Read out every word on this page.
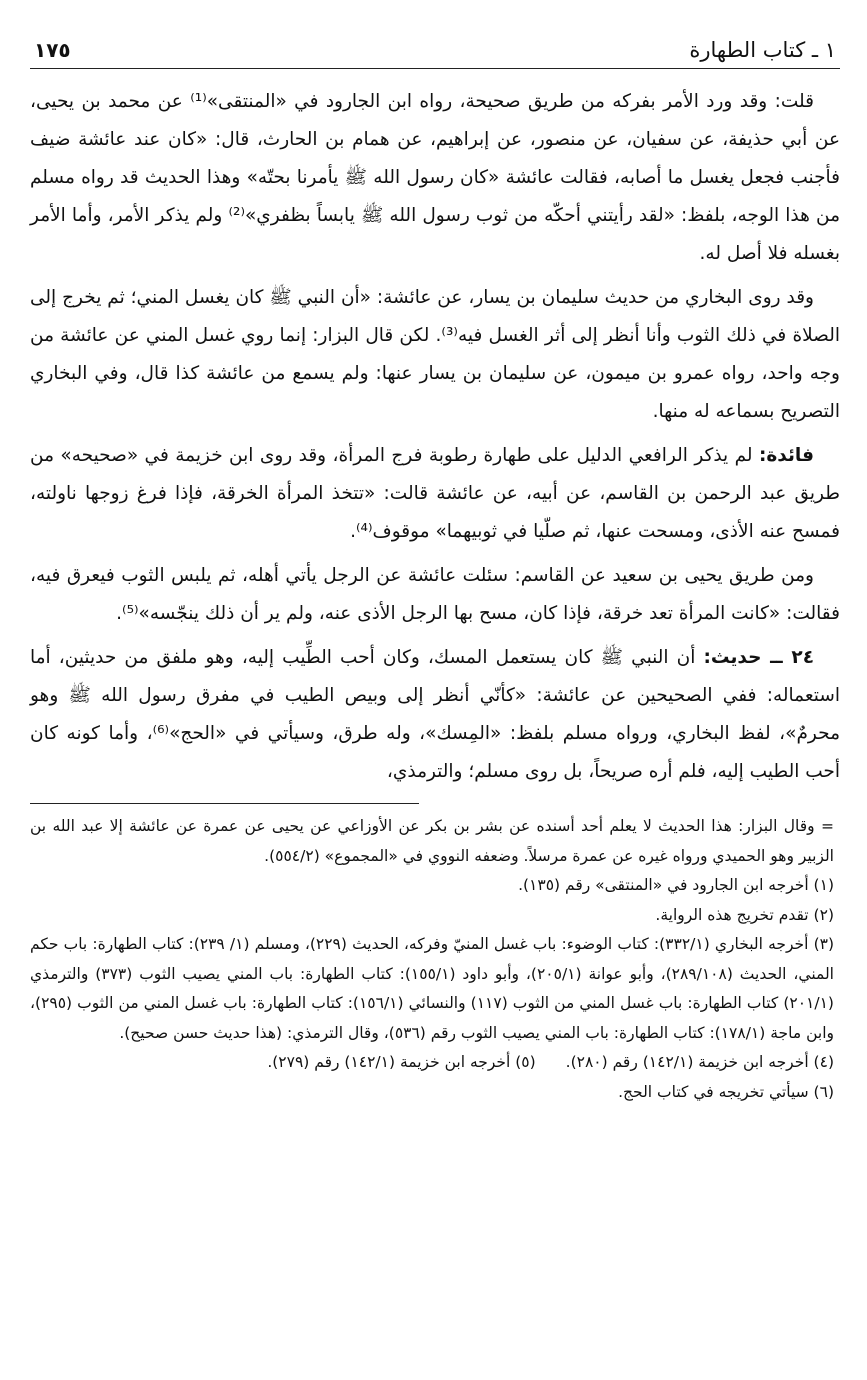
١ ـ كتاب الطهارة
١٧٥

قلت: وقد ورد الأمر بفركه من طريق صحيحة، رواه ابن الجارود في «المنتقى»⁽¹⁾ عن محمد بن يحيى، عن أبي حذيفة، عن سفيان، عن منصور، عن إبراهيم، عن همام بن الحارث، قال: «كان عند عائشة ضيف فأجنب فجعل يغسل ما أصابه، فقالت عائشة «كان رسول الله ﷺ يأمرنا بحتّه» وهذا الحديث قد رواه مسلم من هذا الوجه، بلفظ: «لقد رأيتني أحكّه من ثوب رسول الله ﷺ يابساً بظفري»⁽²⁾ ولم يذكر الأمر، وأما الأمر بغسله فلا أصل له.

وقد روى البخاري من حديث سليمان بن يسار، عن عائشة: «أن النبي ﷺ كان يغسل المني؛ ثم يخرج إلى الصلاة في ذلك الثوب وأنا أنظر إلى أثر الغسل فيه⁽³⁾. لكن قال البزار: إنما روي غسل المني عن عائشة من وجه واحد، رواه عمرو بن ميمون، عن سليمان بن يسار عنها: ولم يسمع من عائشة كذا قال، وفي البخاري التصريح بسماعه له منها.

فائدة: لم يذكر الرافعي الدليل على طهارة رطوبة فرج المرأة، وقد روى ابن خزيمة في «صحيحه» من طريق عبد الرحمن بن القاسم، عن أبيه، عن عائشة قالت: «تتخذ المرأة الخرقة، فإذا فرغ زوجها ناولته، فمسح عنه الأذى، ومسحت عنها، ثم صلّيا في ثوبيهما» موقوف⁽⁴⁾.

ومن طريق يحيى بن سعيد عن القاسم: سئلت عائشة عن الرجل يأتي أهله، ثم يلبس الثوب فيعرق فيه، فقالت: «كانت المرأة تعد خرقة، فإذا كان، مسح بها الرجل الأذى عنه، ولم ير أن ذلك ينجّسه»⁽⁵⁾.

٢٤ ــ حديث: أن النبي ﷺ كان يستعمل المسك، وكان أحب الطِّيب إليه، وهو ملفق من حديثين، أما استعماله: ففي الصحيحين عن عائشة: «كأنّي أنظر إلى وبيص الطيب في مفرق رسول الله ﷺ وهو محرمٌ»، لفظ البخاري، ورواه مسلم بلفظ: «المِسك»، وله طرق، وسيأتي في «الحج»⁽⁶⁾، وأما كونه كان أحب الطيب إليه، فلم أره صريحاً، بل روى مسلم؛ والترمذي،

= وقال البزار: هذا الحديث لا يعلم أحد أسنده عن بشر بن بكر عن الأوزاعي عن يحيى عن عمرة عن عائشة إلا عبد الله بن الزبير وهو الحميدي ورواه غيره عن عمرة مرسلاً. وضعفه النووي في «المجموع» (٥٥٤/٢).

(١) أخرجه ابن الجارود في «المنتقى» رقم (١٣٥).

(٢) تقدم تخريج هذه الرواية.

(٣) أخرجه البخاري (٣٣٢/١): كتاب الوضوء: باب غسل المنيّ وفركه، الحديث (٢٢٩)، ومسلم (١/ ٢٣٩): كتاب الطهارة: باب حكم المني، الحديث (٢٨٩/١٠٨)، وأبو عوانة (٢٠٥/١)، وأبو داود (١٥٥/١): كتاب الطهارة: باب المني يصيب الثوب (٣٧٣) والترمذي (٢٠١/١) كتاب الطهارة: باب غسل المني من الثوب (١١٧) والنسائي (١٥٦/١): كتاب الطهارة: باب غسل المني من الثوب (٢٩٥)، وابن ماجة (١٧٨/١): كتاب الطهارة: باب المني يصيب الثوب رقم (٥٣٦)، وقال الترمذي: (هذا حديث حسن صحيح).

(٤) أخرجه ابن خزيمة (١٤٢/١) رقم (٢٨٠).

(٥) أخرجه ابن خزيمة (١٤٢/١) رقم (٢٧٩).

(٦) سيأتي تخريجه في كتاب الحج.
